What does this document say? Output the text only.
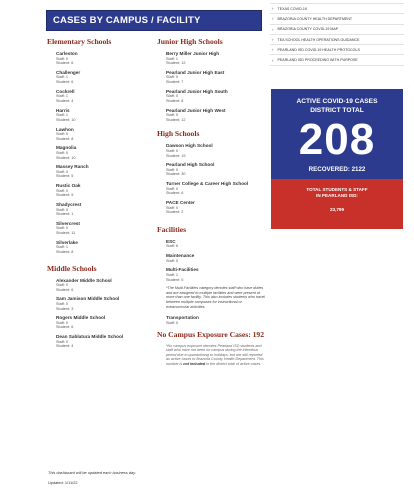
CASES BY CAMPUS / FACILITY
Elementary Schools
Carleston
Staff: 0
Student: 6
Challenger
Staff: 1
Student: 6
Cockrell
Staff: 1
Student: 4
Harris
Staff: 1
Student: 10
Lawhon
Staff: 0
Student: 8
Magnolia
Staff: 0
Student: 10
Massey Ranch
Staff: 0
Student: 5
Rustic Oak
Staff: 0
Student: 5
Shadycrest
Staff: 0
Student: 1
Silvercrest
Staff: 0
Student: 11
Silverlake
Staff: 1
Student: 8
Middle Schools
Alexander Middle School
Staff: 0
Student: 6
Sam Jamison Middle School
Staff: 0
Student: 3
Rogers Middle School
Staff: 0
Student: 6
Dean Sablatura Middle School
Staff: 0
Student: 4
Junior High Schools
Berry Miller Junior High
Staff: 1
Student: 12
Pearland Junior High East
Staff: 0
Student: 7
Pearland Junior High South
Staff: 0
Student: 8
Pearland Junior High West
Staff: 0
Student: 12
High Schools
Dawson High School
Staff: 0
Student: 19
Pearland High School
Staff: 0
Student: 30
Turner College & Career High School
Staff: 0
Student: 6
PACE Center
Staff: 0
Student: 2
Facilities
ESC
Staff: 6
Maintenance
Staff: 0
Multi-Facilities
Staff: 1
Student: 0
*The Multi-Facilities category denotes staff who have duties and are assigned to multiple facilities and were present at more than one facility. This also includes students who travel between multiple campuses for instructional or extracurricular activities.
Transportation
Staff: 0
No Campus Exposure Cases: 192
*No campus exposure denotes Pearland ISD students and staff who have not been on campus during the infectious period due to quarantining or holidays, but are still reported as active cases to Brazoria County Health Department. This number is not included in the district total of active cases.
This dashboard will be updated each business day.
Updated: 1/11/22
› TEXAS COVID-19
› BRAZORIA COUNTY HEALTH DEPARTMENT
› BRAZORIA COUNTY COVID-19 MAP
› TEA SCHOOL HEALTH OPERATIONS GUIDANCE
› PEARLAND ISD COVID-19 HEALTH PROTOCOLS
› PEARLAND ISD PROCEEDING WITH PURPOSE
ACTIVE COVID-19 CASES
DISTRICT TOTAL
208
RECOVERED: 2122
TOTAL STUDENTS & STAFF
IN PEARLAND ISD:
23,799
